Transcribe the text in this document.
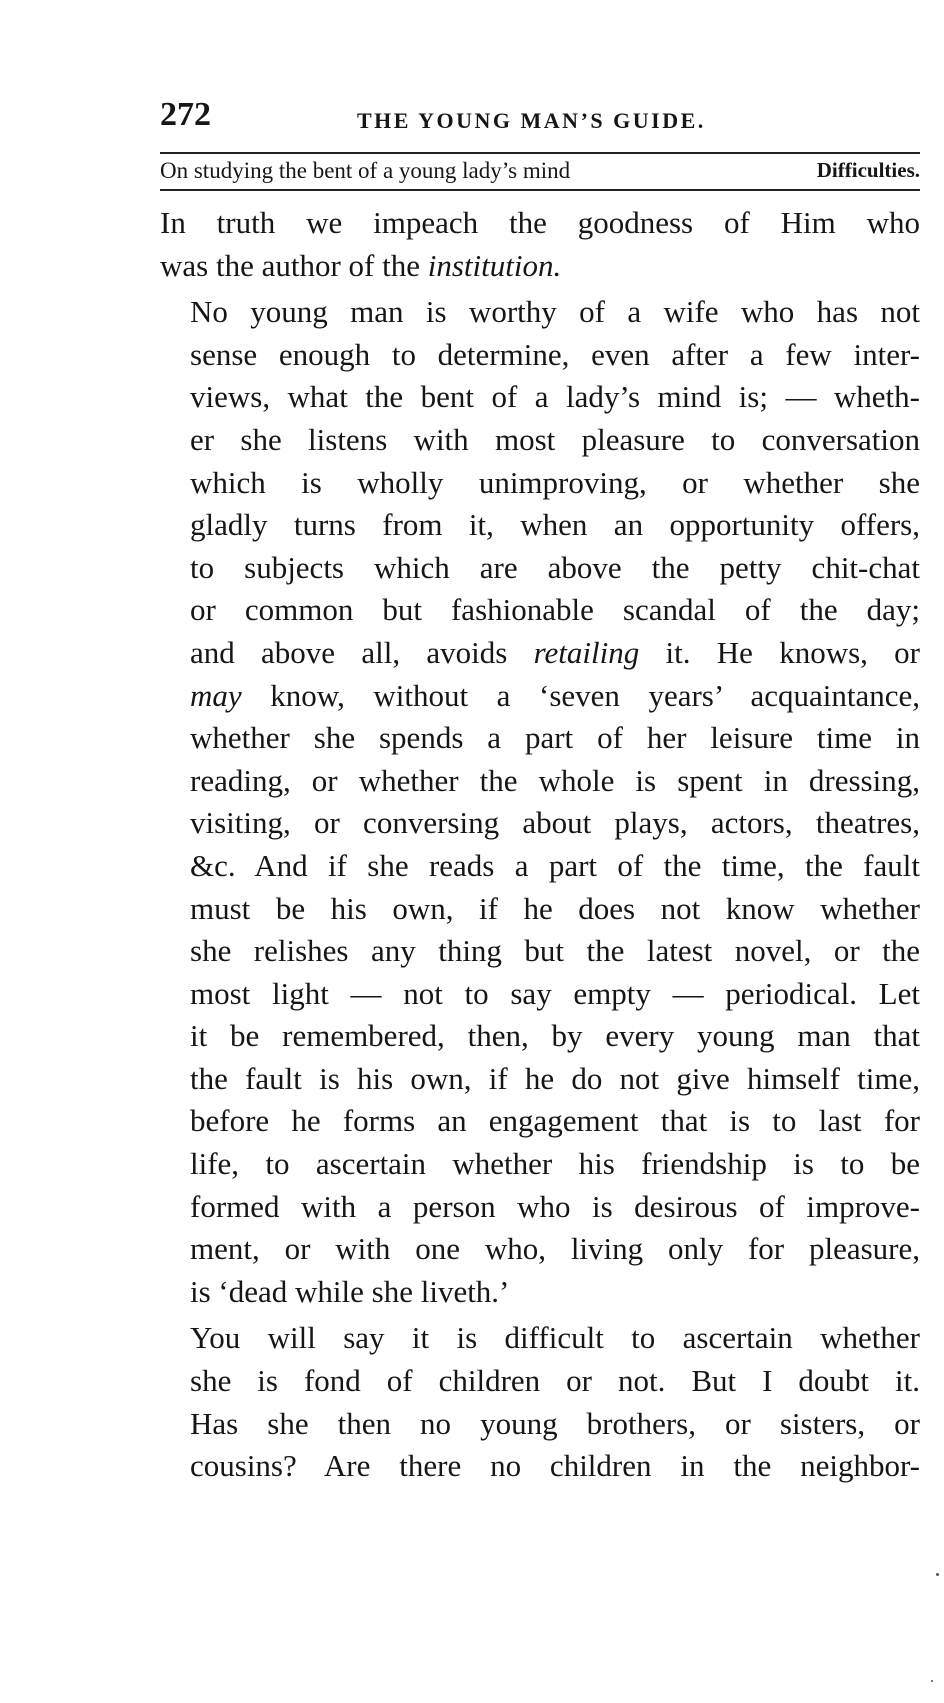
272	THE YOUNG MAN’S GUIDE.
On studying the bent of a young lady’s mind	Difficulties.

In truth we impeach the goodness of Him who
was the author of the institution.

No young man is worthy of a wife who has not
sense enough to determine, even after a few inter-
views, what the bent of a lady’s mind is; — wheth-
er she listens with most pleasure to conversation
which is wholly unimproving, or whether she
gladly turns from it, when an opportunity offers,
to subjects which are above the petty chit-chat
or common but fashionable scandal of the day;
and above all, avoids retailing it. He knows, or
may know, without a ‘seven years’ acquaintance,
whether she spends a part of her leisure time in
reading, or whether the whole is spent in dressing,
visiting, or conversing about plays, actors, theatres,
&c. And if she reads a part of the time, the fault
must be his own, if he does not know whether
she relishes any thing but the latest novel, or the
most light — not to say empty — periodical. Let
it be remembered, then, by every young man that
the fault is his own, if he do not give himself time,
before he forms an engagement that is to last for
life, to ascertain whether his friendship is to be
formed with a person who is desirous of improve-
ment, or with one who, living only for pleasure,
is ‘dead while she liveth.’

You will say it is difficult to ascertain whether
she is fond of children or not. But I doubt it.
Has she then no young brothers, or sisters, or
cousins? Are there no children in the neighbor-
